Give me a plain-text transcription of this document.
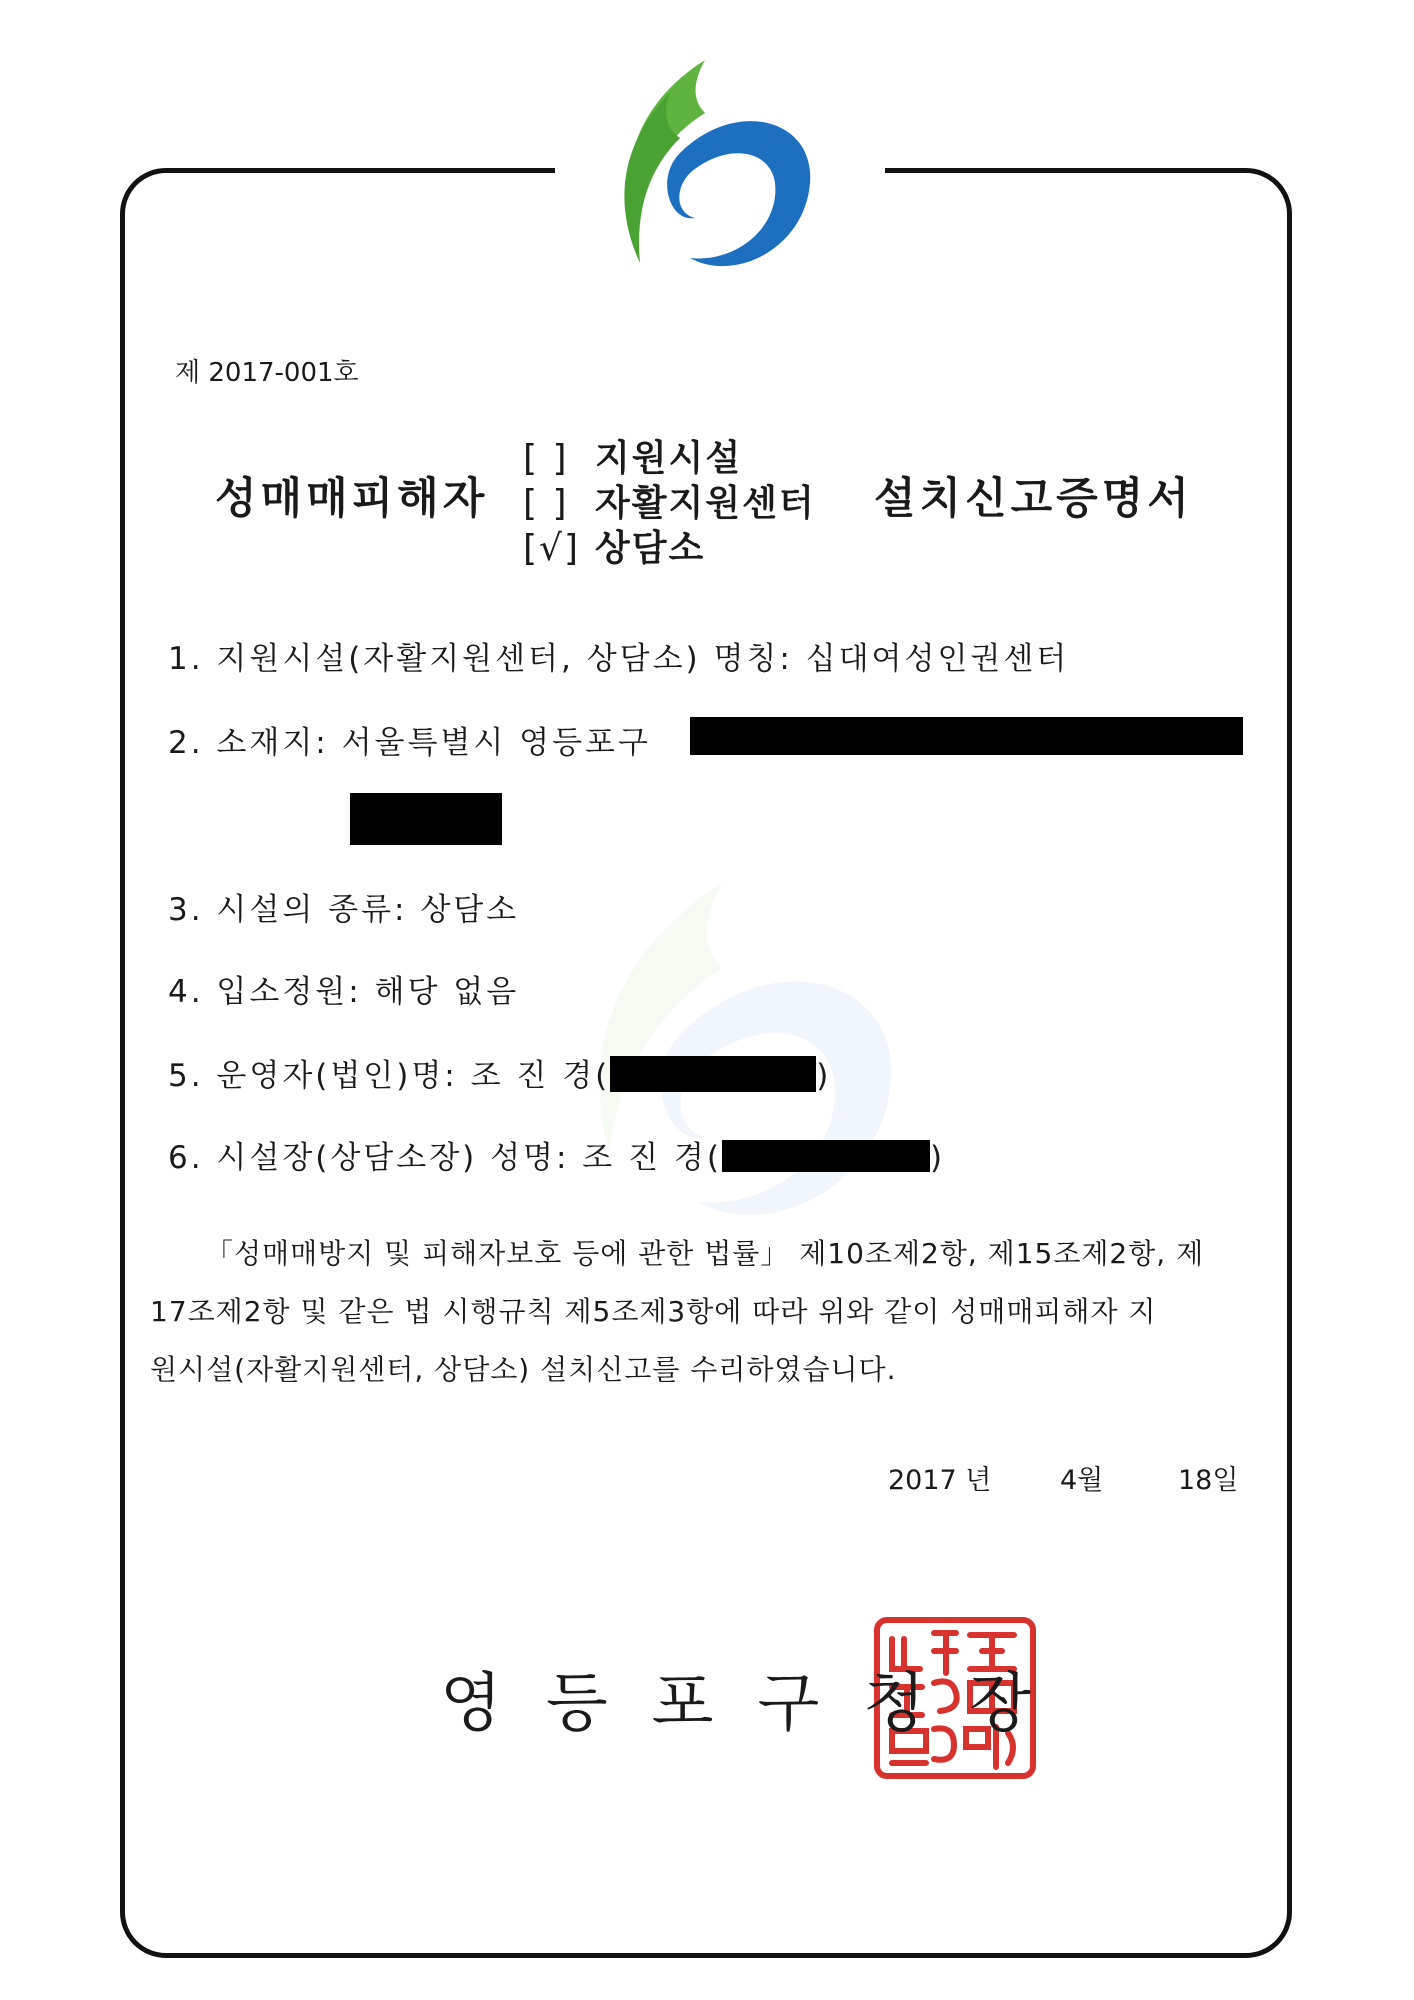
제 2017-001호
성매매피해자	설치신고증명서
[ ] 지원시설
[ ] 자활지원센터
[√] 상담소
1. 지원시설(자활지원센터, 상담소) 명칭: 십대여성인권센터
2. 소재지: 서울특별시 영등포구
3. 시설의 종류: 상담소
4. 입소정원: 해당 없음
5. 운영자(법인)명: 조 진 경(	)
6. 시설장(상담소장) 성명: 조 진 경(	)
「성매매방지 및 피해자보호 등에 관한 법률」 제10조제2항, 제15조제2항, 제
17조제2항 및 같은 법 시행규칙 제5조제3항에 따라 위와 같이 성매매피해자 지
원시설(자활지원센터, 상담소) 설치신고를 수리하였습니다.
2017 년	4월	18일
영등포구청장
